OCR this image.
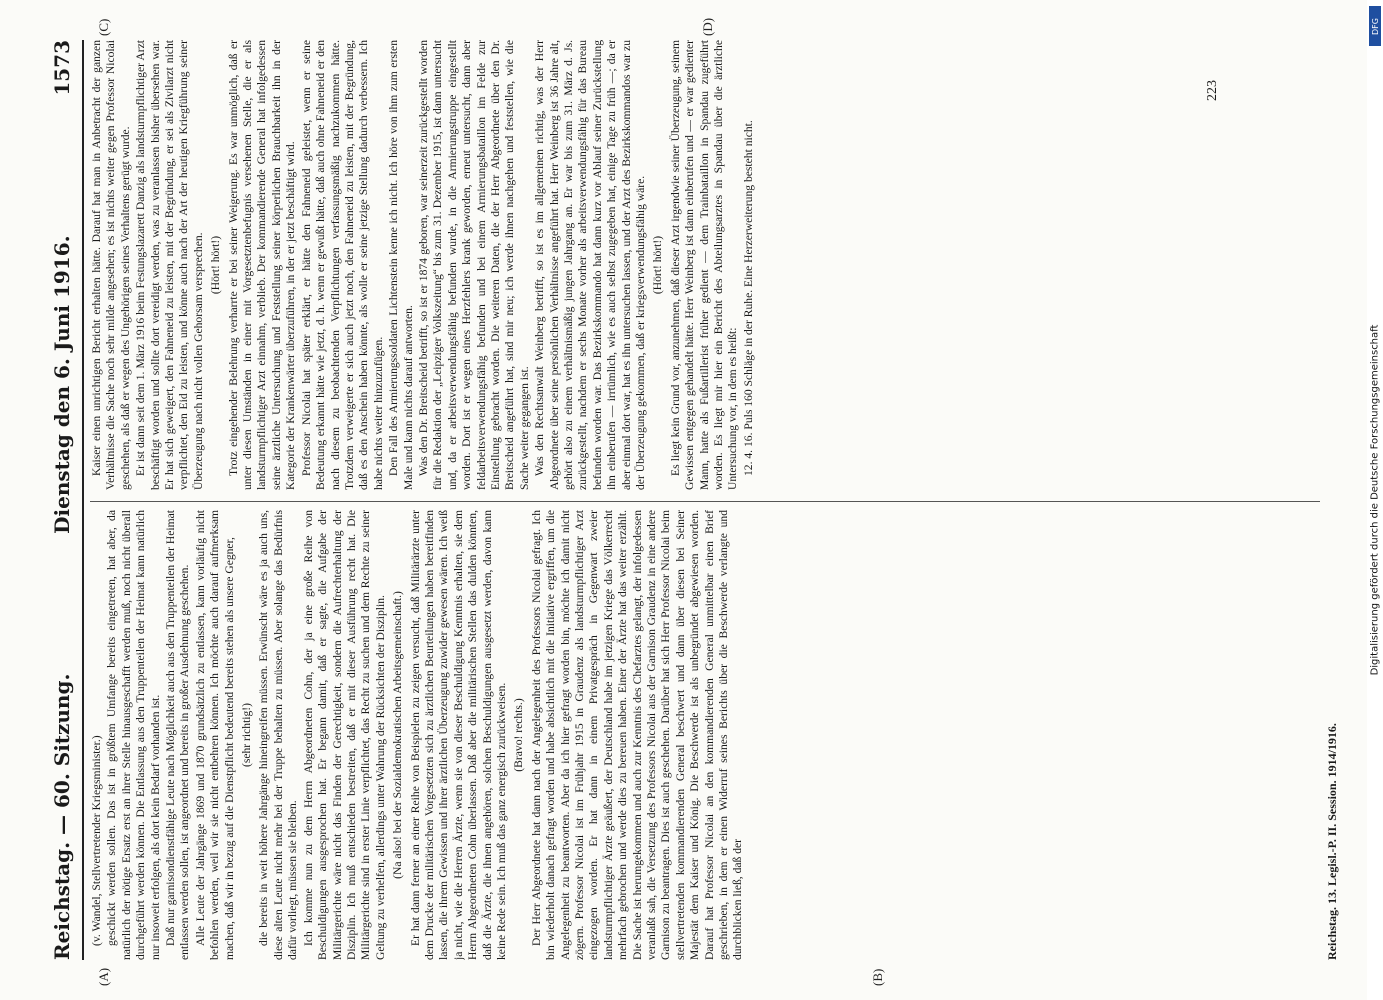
Reichstag. — 60. Sitzung.
Dienstag den 6. Juni 1916.
1573
(A)	(B)
(C)	(D)

(v. Wandel, Stellvertretender Kriegsminister.) geschickt werden sollen. Das ist in größtem Umfange bereits eingetreten, hat aber, da natürlich der nötige Ersatz erst an ihrer Stelle hinausgeschafft werden muß, noch nicht überall durchgeführt werden können. Die Entlassung aus den Truppenteilen der Heimat kann natürlich nur insoweit erfolgen, als dort kein Bedarf vorhanden ist. Daß nur garnisondienstfähige Leute nach Möglichkeit auch aus den Truppenteilen der Heimat entlassen werden sollen, ist angeordnet und bereits in großer Ausdehnung geschehen. Alle Leute der Jahrgänge 1869 und 1870 grundsätzlich zu entlassen, kann vorläufig nicht befohlen werden, weil wir sie nicht entbehren können. Ich möchte auch darauf aufmerksam machen, daß wir in bezug auf die Dienstpflicht bedeutend bereits stehen als unsere Gegner, (sehr richtig!) die bereits in weit höhere Jahrgänge hineingreifen müssen. Erwünscht wäre es ja auch uns, diese alten Leute nicht mehr bei der Truppe behalten zu müssen. Aber solange das Bedürfnis dafür vorliegt, müssen sie bleiben. Ich komme nun zu dem Herrn Abgeordneten Cohn, der ja eine große Reihe von Beschuldigungen ausgesprochen hat. Er begann damit, daß er sagte, die Aufgabe der Militärgerichte wäre nicht das Finden der Gerechtigkeit, sondern die Aufrechterhaltung der Disziplin. Ich muß entschieden bestreiten, daß er mit dieser Ausführung recht hat. Die Militärgerichte sind in erster Linie verpflichtet, das Recht zu suchen und dem Rechte zu seiner Geltung zu verhelfen, allerdings unter Wahrung der Rücksichten der Disziplin. (Na also! bei der Sozialdemokratischen Arbeitsgemeinschaft.) Er hat dann ferner an einer Reihe von Beispielen zu zeigen versucht, daß Militärärzte unter dem Drucke der militärischen Vorgesetzten sich zu ärztlichen Beurteilungen haben bereitfinden lassen, die ihrem Gewissen und ihrer ärztlichen Überzeugung zuwider gewesen wären. Ich weiß ja nicht, wie die Herren Ärzte, wenn sie von dieser Beschuldigung Kenntnis erhalten, sie dem Herrn Abgeordneten Cohn überlassen. Daß aber die militärischen Stellen das dulden könnten, daß die Ärzte, die ihnen angehören, solchen Beschuldigungen ausgesetzt werden, davon kann keine Rede sein. Ich muß das ganz energisch zurückweisen. (Bravo! rechts.) Der Herr Abgeordnete hat dann nach der Angelegenheit des Professors Nicolai gefragt. Ich bin wiederholt danach gefragt worden und habe absichtlich mit die Initiative ergriffen, um die Angelegenheit zu beantworten. Aber da ich hier gefragt worden bin, möchte ich damit nicht zögern. Professor Nicolai ist im Frühjahr 1915 in Graudenz als landsturmpflichtiger Arzt eingezogen worden. Er hat dann in einem Privatgespräch in Gegenwart zweier landsturmpflichtiger Ärzte geäußert, der Deutschland habe im jetzigen Kriege das Völkerrecht mehrfach gebrochen und werde dies zu bereuen haben. Einer der Ärzte hat das weiter erzählt. Die Sache ist herumgekommen und auch zur Kenntnis des Chefarztes gelangt, der infolgedessen veranlaßt sah, die Versetzung des Professors Nicolai aus der Garnison Graudenz in eine andere Garnison zu beantragen. Dies ist auch geschehen. Darüber hat sich Herr Professor Nicolai beim stellvertretenden kommandierenden General beschwert und dann über diesen bei Seiner Majestät dem Kaiser und König. Die Beschwerde ist als unbegründet abgewiesen worden. Darauf hat Professor Nicolai an den kommandierenden General unmittelbar einen Brief geschrieben, in dem er einen Widerruf seines Berichts über die Beschwerde verlangte und durchblicken ließ, daß der

Kaiser einen unrichtigen Bericht erhalten hätte. Darauf hat man in Anbetracht der ganzen Verhältnisse die Sache noch sehr milde angesehen; es ist nichts weiter gegen Professor Nicolai geschehen, als daß er wegen des Ungehörigen seines Verhaltens gerügt wurde. Er ist dann seit dem 1. März 1916 beim Festungslazarett Danzig als landsturmpflichtiger Arzt beschäftigt worden und sollte dort vereidigt werden, was zu veranlassen bisher übersehen war. Er hat sich geweigert, den Fahneneid zu leisten, mit der Begründung, er sei als Zivilarzt nicht verpflichtet, den Eid zu leisten, und könne auch nach der Art der heutigen Kriegführung seiner Überzeugung nach nicht vollen Gehorsam versprechen. (Hört! hört!) Trotz eingehender Belehrung verharrte er bei seiner Weigerung. Es war unmöglich, daß er unter diesen Umständen in einer mit Vorgesetztenbefugnis versehenen Stelle, die er als landsturmpflichtiger Arzt einnahm, verblieb. Der kommandierende General hat infolgedessen seine ärztliche Untersuchung und Feststellung seiner körperlichen Brauchbarkeit ihn in der Kategorie der Krankenwärter überzuführen, in der er jetzt beschäftigt wird. Professor Nicolai hat später erklärt, er hätte den Fahneneid geleistet, wenn er seine Bedeutung erkannt hätte wie jetzt, d. h. wenn er gewußt hätte, daß auch ohne Fahneneid er den nach diesem zu beobachtenden Verpflichtungen verfassungsmäßig nachzukommen hätte. Trotzdem verweigerte er sich auch jetzt noch, den Fahneneid zu leisten, mit der Begründung, daß es den Anschein haben könnte, als wolle er seine jetzige Stellung dadurch verbessern. Ich habe nichts weiter hinzuzufügen. Den Fall des Armierungssoldaten Lichtenstein kenne ich nicht. Ich höre von ihm zum ersten Male und kann nichts darauf antworten. Was den Dr. Breitscheid betrifft, so ist er 1874 geboren, war seinerzeit zurückgestellt worden für die Redaktion der „Leipziger Volkszeitung“ bis zum 31. Dezember 1915, ist dann untersucht und, da er arbeitsverwendungsfähig befunden wurde, in die Armierungstruppe eingestellt worden. Dort ist er wegen eines Herzfehlers krank geworden, erneut untersucht, dann aber feldarbeitsverwendungsfähig befunden und bei einem Armierungsbataillon im Felde zur Einstellung gebracht worden. Die weiteren Daten, die der Herr Abgeordnete über den Dr. Breitscheid angeführt hat, sind mir neu; ich werde ihnen nachgehen und feststellen, wie die Sache weiter gegangen ist. Was den Rechtsanwalt Weinberg betrifft, so ist es im allgemeinen richtig, was der Herr Abgeordnete über seine persönlichen Verhältnisse angeführt hat. Herr Weinberg ist 36 Jahre alt, gehört also zu einem verhältnismäßig jungen Jahrgang an. Er war bis zum 31. März d. Js. zurückgestellt, nachdem er sechs Monate vorher als arbeitsverwendungsfähig für das Bureau befunden worden war. Das Bezirkskommando hat dann kurz vor Ablauf seiner Zurückstellung ihn einberufen — irrtümlich, wie es auch selbst zugegeben hat, einige Tage zu früh —; da er aber einmal dort war, hat es ihn untersuchen lassen, und der Arzt des Bezirkskommandos war zu der Überzeugung gekommen, daß er kriegsverwendungsfähig wäre. (Hört! hört!) Es liegt kein Grund vor, anzunehmen, daß dieser Arzt irgendwie seiner Überzeugung, seinem Gewissen entgegen gehandelt hätte. Herr Weinberg ist dann einberufen und — er war gedienter Mann, hatte als Fußartillerist früher gedient — dem Trainbataillon in Spandau zugeführt worden. Es liegt mir hier ein Bericht des Abteilungsarztes in Spandau über die ärztliche Untersuchung vor, in dem es heißt: 12. 4. 16. Puls 160 Schläge in der Ruhe. Eine Herzerweiterung besteht nicht.

223
Reichstag. 13. Legisl.-P. II. Session. 1914/1916.
DFG
Digitalisierung gefördert durch die Deutsche Forschungsgemeinschaft
